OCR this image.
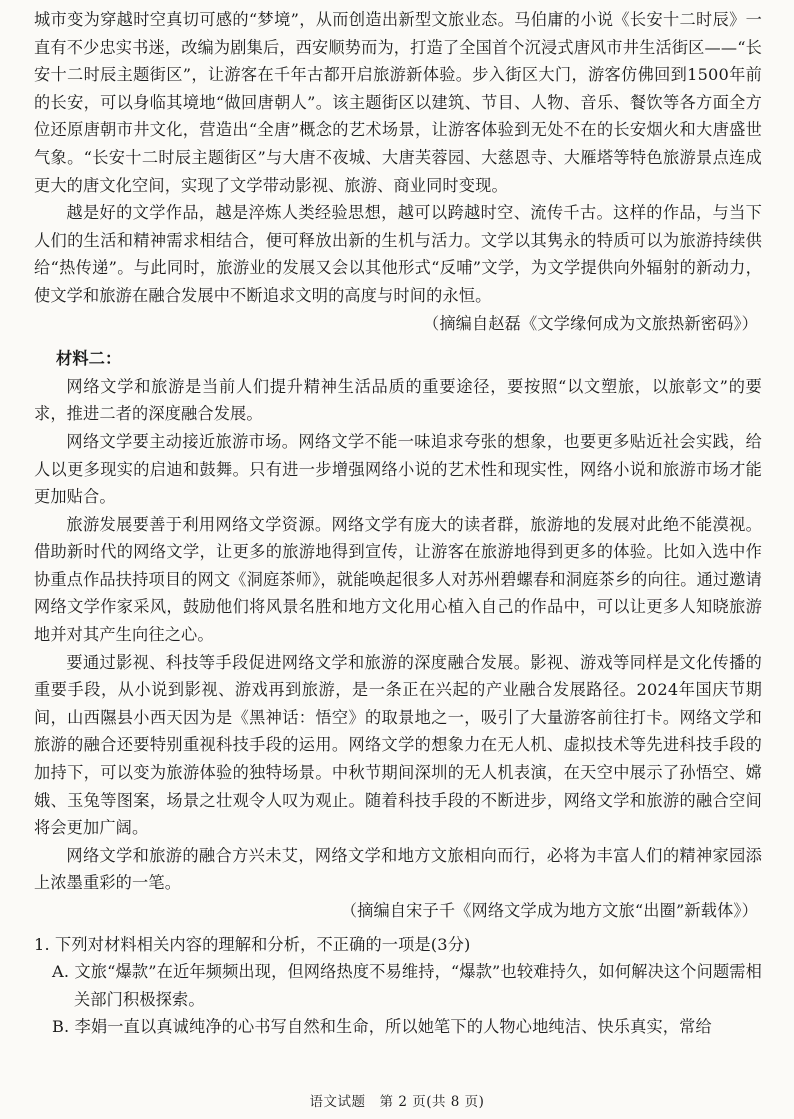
城市变为穿越时空真切可感的“梦境”，从而创造出新型文旅业态。马伯庸的小说《长安十二时辰》一直有不少忠实书迷，改编为剧集后，西安顺势而为，打造了全国首个沉浸式唐风市井生活街区——“长安十二时辰主题街区”，让游客在千年古都开启旅游新体验。步入街区大门，游客仿佛回到1500年前的长安，可以身临其境地“做回唐朝人”。该主题街区以建筑、节目、人物、音乐、餐饮等各方面全方位还原唐朝市井文化，营造出“全唐”概念的艺术场景，让游客体验到无处不在的长安烟火和大唐盛世气象。“长安十二时辰主题街区”与大唐不夜城、大唐芙蓉园、大慈恩寺、大雁塔等特色旅游景点连成更大的唐文化空间，实现了文学带动影视、旅游、商业同时变现。

越是好的文学作品，越是淬炼人类经验思想，越可以跨越时空、流传千古。这样的作品，与当下人们的生活和精神需求相结合，便可释放出新的生机与活力。文学以其隽永的特质可以为旅游持续供给“热传递”。与此同时，旅游业的发展又会以其他形式“反哺”文学，为文学提供向外辐射的新动力，使文学和旅游在融合发展中不断追求文明的高度与时间的永恒。

（摘编自赵磊《文学缘何成为文旅热新密码》）

材料二：

网络文学和旅游是当前人们提升精神生活品质的重要途径，要按照“以文塑旅，以旅彰文”的要求，推进二者的深度融合发展。

网络文学要主动接近旅游市场。网络文学不能一味追求夸张的想象，也要更多贴近社会实践，给人以更多现实的启迪和鼓舞。只有进一步增强网络小说的艺术性和现实性，网络小说和旅游市场才能更加贴合。

旅游发展要善于利用网络文学资源。网络文学有庞大的读者群，旅游地的发展对此绝不能漠视。借助新时代的网络文学，让更多的旅游地得到宣传，让游客在旅游地得到更多的体验。比如入选中作协重点作品扶持项目的网文《洞庭茶师》，就能唤起很多人对苏州碧螺春和洞庭茶乡的向往。通过邀请网络文学作家采风，鼓励他们将风景名胜和地方文化用心植入自己的作品中，可以让更多人知晓旅游地并对其产生向往之心。

要通过影视、科技等手段促进网络文学和旅游的深度融合发展。影视、游戏等同样是文化传播的重要手段，从小说到影视、游戏再到旅游，是一条正在兴起的产业融合发展路径。2024年国庆节期间，山西隰县小西天因为是《黑神话：悟空》的取景地之一，吸引了大量游客前往打卡。网络文学和旅游的融合还要特别重视科技手段的运用。网络文学的想象力在无人机、虚拟技术等先进科技手段的加持下，可以变为旅游体验的独特场景。中秋节期间深圳的无人机表演，在天空中展示了孙悟空、嫦娥、玉兔等图案，场景之壮观令人叹为观止。随着科技手段的不断进步，网络文学和旅游的融合空间将会更加广阔。

网络文学和旅游的融合方兴未艾，网络文学和地方文旅相向而行，必将为丰富人们的精神家园添上浓墨重彩的一笔。

（摘编自宋子千《网络文学成为地方文旅“出圈”新载体》）

1. 下列对材料相关内容的理解和分析，不正确的一项是(3分)

A. 文旅“爆款”在近年频频出现，但网络热度不易维持，“爆款”也较难持久，如何解决这个问题需相关部门积极探索。

B. 李娟一直以真诚纯净的心书写自然和生命，所以她笔下的人物心地纯洁、快乐真实，常给

语文试题　第 2 页(共 8 页)
